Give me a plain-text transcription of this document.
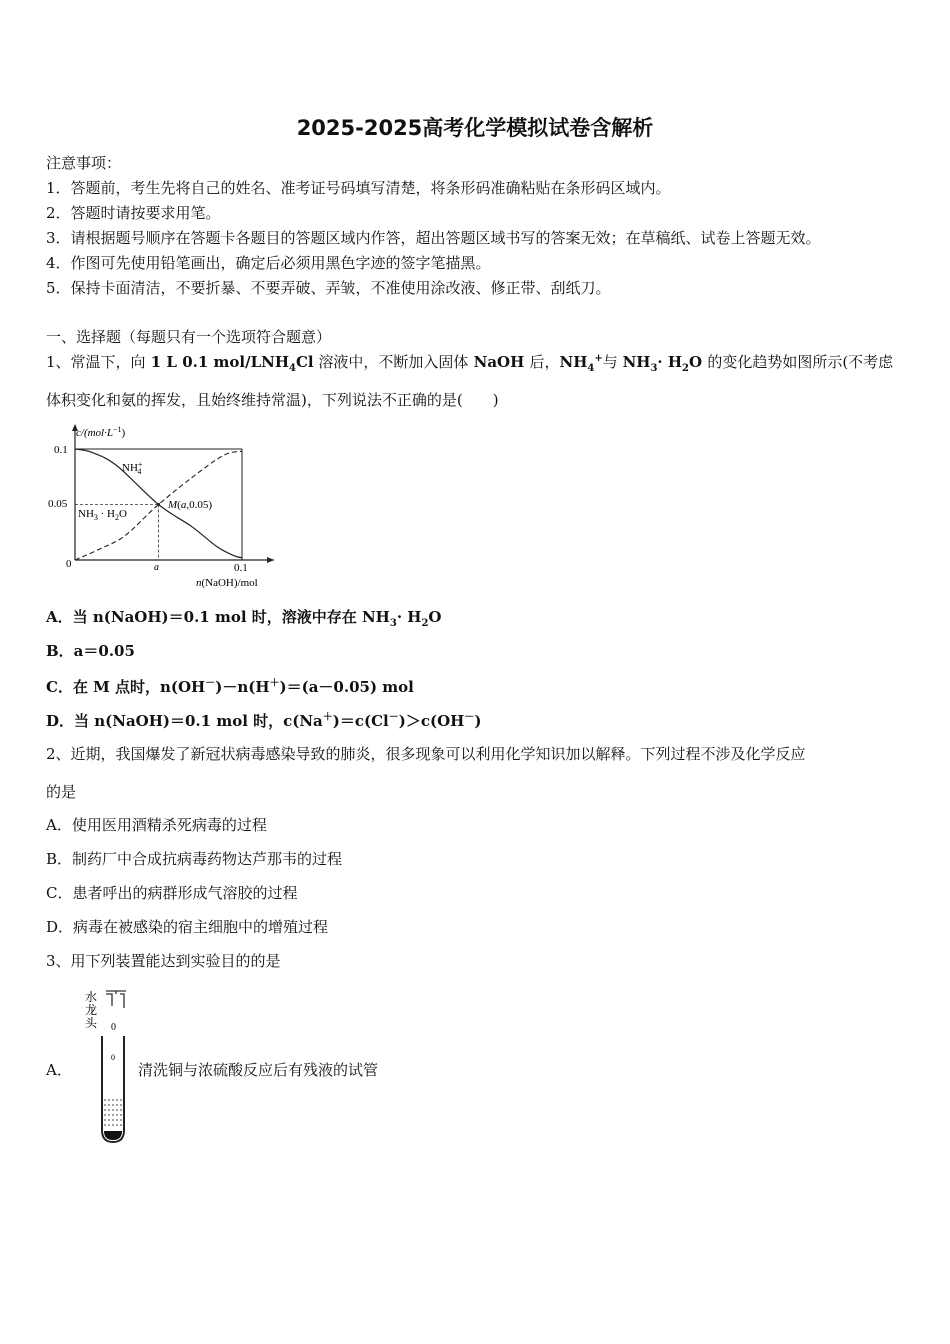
2025-2025高考化学模拟试卷含解析
注意事项：
1．答题前，考生先将自己的姓名、准考证号码填写清楚，将条形码准确粘贴在条形码区域内。
2．答题时请按要求用笔。
3．请根据题号顺序在答题卡各题目的答题区域内作答，超出答题区域书写的答案无效；在草稿纸、试卷上答题无效。
4．作图可先使用铅笔画出，确定后必须用黑色字迹的签字笔描黑。
5．保持卡面清洁，不要折暴、不要弄破、弄皱，不准使用涂改液、修正带、刮纸刀。
一、选择题（每题只有一个选项符合题意）
1、常温下，向 1 L 0.1 mol/$LNH_4Cl$ 溶液中，不断加入固体 NaOH 后，$NH_4^+$与 $NH_3\cdot H_2O$ 的变化趋势如图所示(不考虑
体积变化和氨的挥发，且始终维持常温)，下列说法不正确的是(　　)
$c/(mol\cdot L^{-1})$
0.1
0.05
0	a	0.1
n(NaOH)/mol
NH+ 4
$NH_3 \cdot H_2O$
M(a,0.05)
A．当 n(NaOH)＝0.1 mol 时，溶液中存在 $NH_3\cdot H_2O$
B．a＝0.05
C．在 M 点时，n(OH－)－n(H＋)＝(a－0.05) mol
D．当 n(NaOH)＝0.1 mol 时，c(Na＋)＝c(Cl－)＞c(OH－)
2、近期，我国爆发了新冠状病毒感染导致的肺炎，很多现象可以利用化学知识加以解释。下列过程不涉及化学反应
的是
A．使用医用酒精杀死病毒的过程
B．制药厂中合成抗病毒药物达芦那韦的过程
C．患者呼出的病群形成气溶胶的过程
D．病毒在被感染的宿主细胞中的增殖过程
3、用下列装置能达到实验目的的是
A．
水
龙
头 0
0
清洗铜与浓硫酸反应后有残液的试管
